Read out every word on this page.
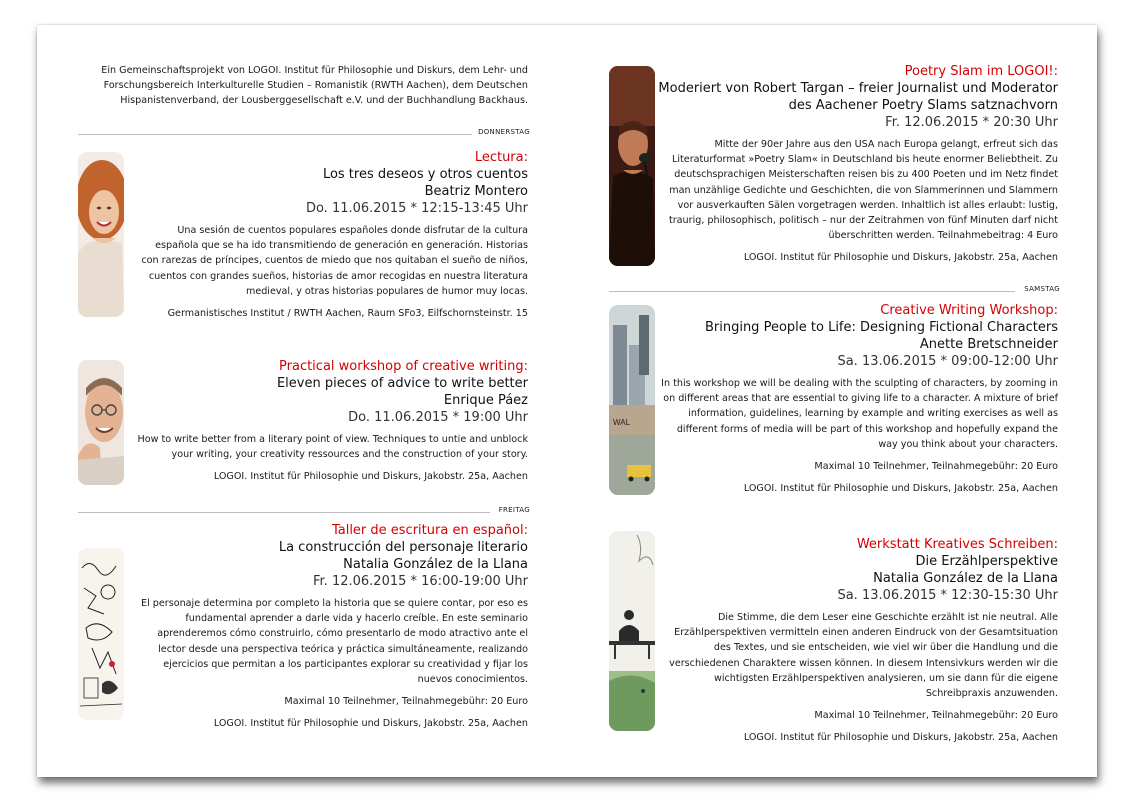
Ein Gemeinschaftsprojekt von LOGOI. Institut für Philosophie und Diskurs, dem Lehr- und Forschungsbereich Interkulturelle Studien – Romanistik (RWTH Aachen), dem Deutschen Hispanistenverband, der Lousberggesellschaft e.V. und der Buchhandlung Backhaus.
DONNERSTAG
Lectura:
Los tres deseos y otros cuentos
Beatriz Montero
Do. 11.06.2015 * 12:15-13:45 Uhr
Una sesión de cuentos populares españoles donde disfrutar de la cultura española que se ha ido transmitiendo de generación en generación. Historias con rarezas de príncipes, cuentos de miedo que nos quitaban el sueño de niños, cuentos con grandes sueños, historias de amor recogidas en nuestra literatura medieval, y otras historias populares de humor muy locas.
Germanistisches Institut / RWTH Aachen, Raum SFo3, Eilfschornsteinstr. 15
Practical workshop of creative writing:
Eleven pieces of advice to write better
Enrique Páez
Do. 11.06.2015 * 19:00 Uhr
How to write better from a literary point of view. Techniques to untie and unblock your writing, your creativity ressources and the construction of your story.
LOGOI. Institut für Philosophie und Diskurs, Jakobstr. 25a, Aachen
FREITAG
Taller de escritura en español:
La construcción del personaje literario
Natalia González de la Llana
Fr. 12.06.2015 * 16:00-19:00 Uhr
El personaje determina por completo la historia que se quiere contar, por eso es fundamental aprender a darle vida y hacerlo creíble. En este seminario aprenderemos cómo construirlo, cómo presentarlo de modo atractivo ante el lector desde una perspectiva teórica y práctica simultáneamente, realizando ejercicios que permitan a los participantes explorar su creatividad y fijar los nuevos conocimientos.
Maximal 10 Teilnehmer, Teilnahmegebühr: 20 Euro
LOGOI. Institut für Philosophie und Diskurs, Jakobstr. 25a, Aachen
Poetry Slam im LOGOI!:
Moderiert von Robert Targan – freier Journalist und Moderator
des Aachener Poetry Slams satznachvorn
Fr. 12.06.2015 * 20:30 Uhr
Mitte der 90er Jahre aus den USA nach Europa gelangt, erfreut sich das Literaturformat »Poetry Slam« in Deutschland bis heute enormer Beliebtheit. Zu deutschsprachigen Meisterschaften reisen bis zu 400 Poeten und im Netz findet man unzählige Gedichte und Geschichten, die von Slammerinnen und Slammern vor ausverkauften Sälen vorgetragen werden. Inhaltlich ist alles erlaubt: lustig, traurig, philosophisch, politisch – nur der Zeitrahmen von fünf Minuten darf nicht überschritten werden. Teilnahmebeitrag: 4 Euro
LOGOI. Institut für Philosophie und Diskurs, Jakobstr. 25a, Aachen
SAMSTAG
WAL
Creative Writing Workshop:
Bringing People to Life: Designing Fictional Characters
Anette Bretschneider
Sa. 13.06.2015 * 09:00-12:00 Uhr
In this workshop we will be dealing with the sculpting of characters, by zooming in on different areas that are essential to giving life to a character. A mixture of brief information, guidelines, learning by example and writing exercises as well as different forms of media will be part of this workshop and hopefully expand the way you think about your characters.
Maximal 10 Teilnehmer, Teilnahmegebühr: 20 Euro
LOGOI. Institut für Philosophie und Diskurs, Jakobstr. 25a, Aachen
Werkstatt Kreatives Schreiben:
Die Erzählperspektive
Natalia González de la Llana
Sa. 13.06.2015 * 12:30-15:30 Uhr
Die Stimme, die dem Leser eine Geschichte erzählt ist nie neutral. Alle Erzählperspektiven vermitteln einen anderen Eindruck von der Gesamtsituation des Textes, und sie entscheiden, wie viel wir über die Handlung und die verschiedenen Charaktere wissen können. In diesem Intensivkurs werden wir die wichtigsten Erzählperspektiven analysieren, um sie dann für die eigene Schreibpraxis anzuwenden.
Maximal 10 Teilnehmer, Teilnahmegebühr: 20 Euro
LOGOI. Institut für Philosophie und Diskurs, Jakobstr. 25a, Aachen
